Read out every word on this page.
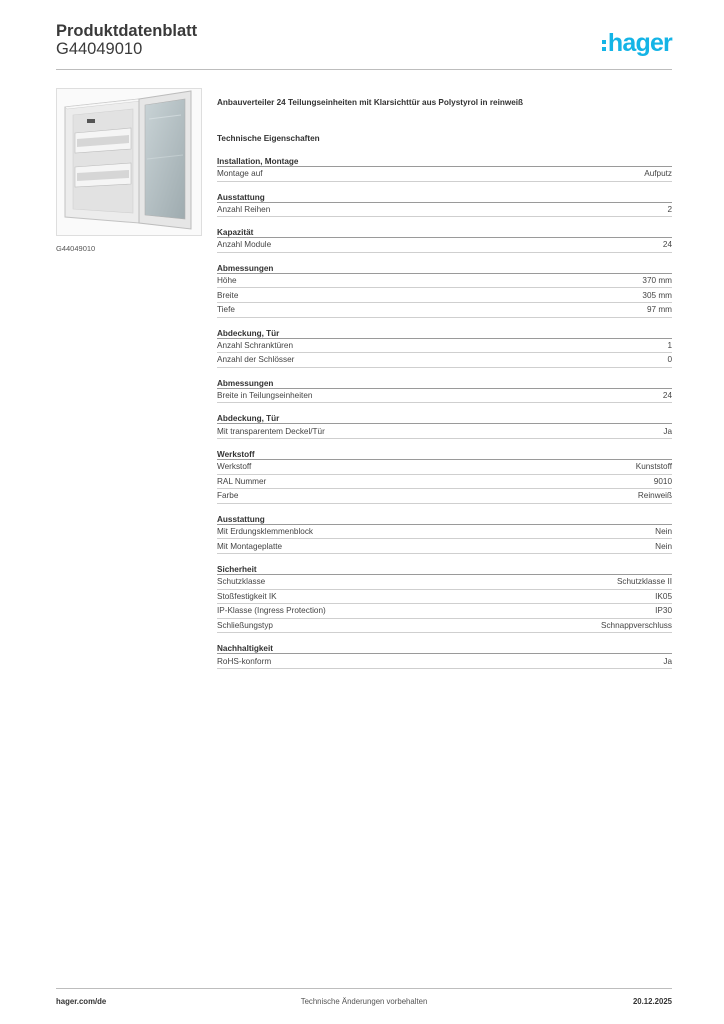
Produktdatenblatt
G44049010	hager
G44049010
Anbauverteiler 24 Teilungseinheiten mit Klarsichttür aus Polystyrol in reinweiß
Technische Eigenschaften
Installation, Montage
Montage auf	Aufputz
Ausstattung
Anzahl Reihen	2
Kapazität
Anzahl Module	24
Abmessungen
Höhe	370 mm
Breite	305 mm
Tiefe	97 mm
Abdeckung, Tür
Anzahl Schranktüren	1
Anzahl der Schlösser	0
Abmessungen
Breite in Teilungseinheiten	24
Abdeckung, Tür
Mit transparentem Deckel/Tür	Ja
Werkstoff
Werkstoff	Kunststoff
RAL Nummer	9010
Farbe	Reinweiß
Ausstattung
Mit Erdungsklemmenblock	Nein
Mit Montageplatte	Nein
Sicherheit
Schutzklasse	Schutzklasse II
Stoßfestigkeit IK	IK05
IP-Klasse (Ingress Protection)	IP30
Schließungstyp	Schnappverschluss
Nachhaltigkeit
RoHS-konform	Ja
hager.com/de	Technische Änderungen vorbehalten	20.12.2025
